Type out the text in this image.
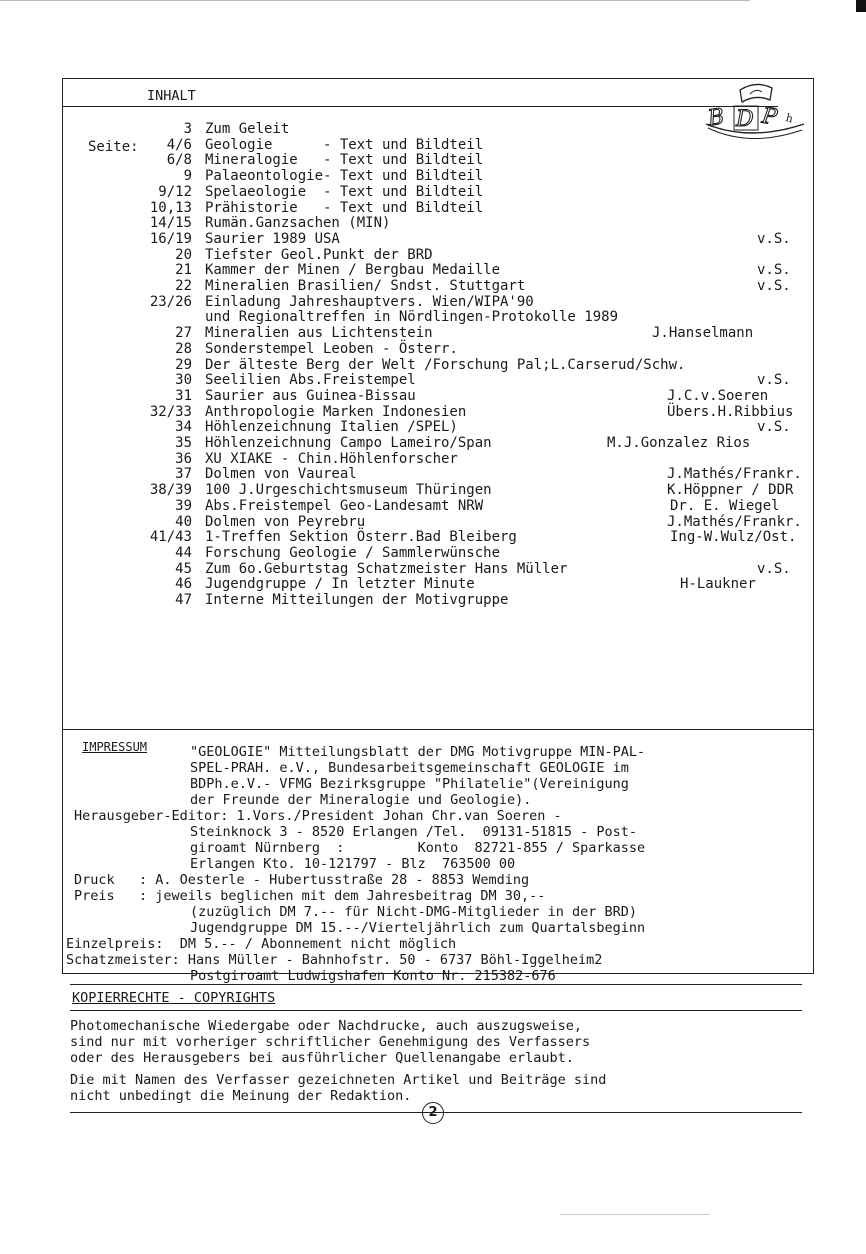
INHALT
B D P h

Seite:

3 Zum Geleit
4/6 Geologie      - Text und Bildteil
6/8 Mineralogie   - Text und Bildteil
9 Palaeontologie- Text und Bildteil
9/12 Spelaeologie  - Text und Bildteil
10,13 Prähistorie   - Text und Bildteil
14/15 Rumän.Ganzsachen (MIN)
16/19 Saurier 1989 USA	v.S.
20 Tiefster Geol.Punkt der BRD
21 Kammer der Minen / Bergbau Medaille	v.S.
22 Mineralien Brasilien/ Sndst. Stuttgart	v.S.
23/26 Einladung Jahreshauptvers. Wien/WIPA'90
und Regionaltreffen in Nördlingen-Protokolle 1989
27 Mineralien aus Lichtenstein	J.Hanselmann
28 Sonderstempel Leoben - Österr.
29 Der älteste Berg der Welt /Forschung Pal;L.Carserud/Schw.
30 Seelilien Abs.Freistempel	v.S.
31 Saurier aus Guinea-Bissau	J.C.v.Soeren
32/33 Anthropologie Marken Indonesien	Übers.H.Ribbius
34 Höhlenzeichnung Italien /SPEL)	v.S.
35 Höhlenzeichnung Campo Lameiro/Span	M.J.Gonzalez Rios
36 XU XIAKE - Chin.Höhlenforscher
37 Dolmen von Vaureal	J.Mathés/Frankr.
38/39 100 J.Urgeschichtsmuseum Thüringen	K.Höppner / DDR
39 Abs.Freistempel Geo-Landesamt NRW	Dr. E. Wiegel
40 Dolmen von Peyrebru	J.Mathés/Frankr.
41/43 1-Treffen Sektion Österr.Bad Bleiberg	Ing-W.Wulz/Ost.
44 Forschung Geologie / Sammlerwünsche
45 Zum 6o.Geburtstag Schatzmeister Hans Müller	v.S.
46 Jugendgruppe / In letzter Minute	H-Laukner
47 Interne Mitteilungen der Motivgruppe
IMPRESSUM	"GEOLOGIE" Mitteilungsblatt der DMG Motivgruppe MIN-PAL-
SPEL-PRAH. e.V., Bundesarbeitsgemeinschaft GEOLOGIE im
BDPh.e.V.- VFMG Bezirksgruppe "Philatelie"(Vereinigung
der Freunde der Mineralogie und Geologie).
Herausgeber-Editor: 1.Vors./President Johan Chr.van Soeren -
Steinknock 3 - 8520 Erlangen /Tel.  09131-51815 - Post-
giroamt Nürnberg  :         Konto  82721-855 / Sparkasse
Erlangen Kto. 10-121797 - Blz  763500 00
Druck   : A. Oesterle - Hubertusstraße 28 - 8853 Wemding
Preis   : jeweils beglichen mit dem Jahresbeitrag DM 30,--
(zuzüglich DM 7.-- für Nicht-DMG-Mitglieder in der BRD)
Jugendgruppe DM 15.--/Vierteljährlich zum Quartalsbeginn
Einzelpreis:  DM 5.-- / Abonnement nicht möglich
Schatzmeister: Hans Müller - Bahnhofstr. 50 - 6737 Böhl-Iggelheim2
Postgiroamt Ludwigshafen Konto Nr. 215382-676
KOPIERRECHTE - COPYRIGHTS
Photomechanische Wiedergabe oder Nachdrucke, auch auszugsweise,
sind nur mit vorheriger schriftlicher Genehmigung des Verfassers
oder des Herausgebers bei ausführlicher Quellenangabe erlaubt.
Die mit Namen des Verfasser gezeichneten Artikel und Beiträge sind
nicht unbedingt die Meinung der Redaktion.
2
